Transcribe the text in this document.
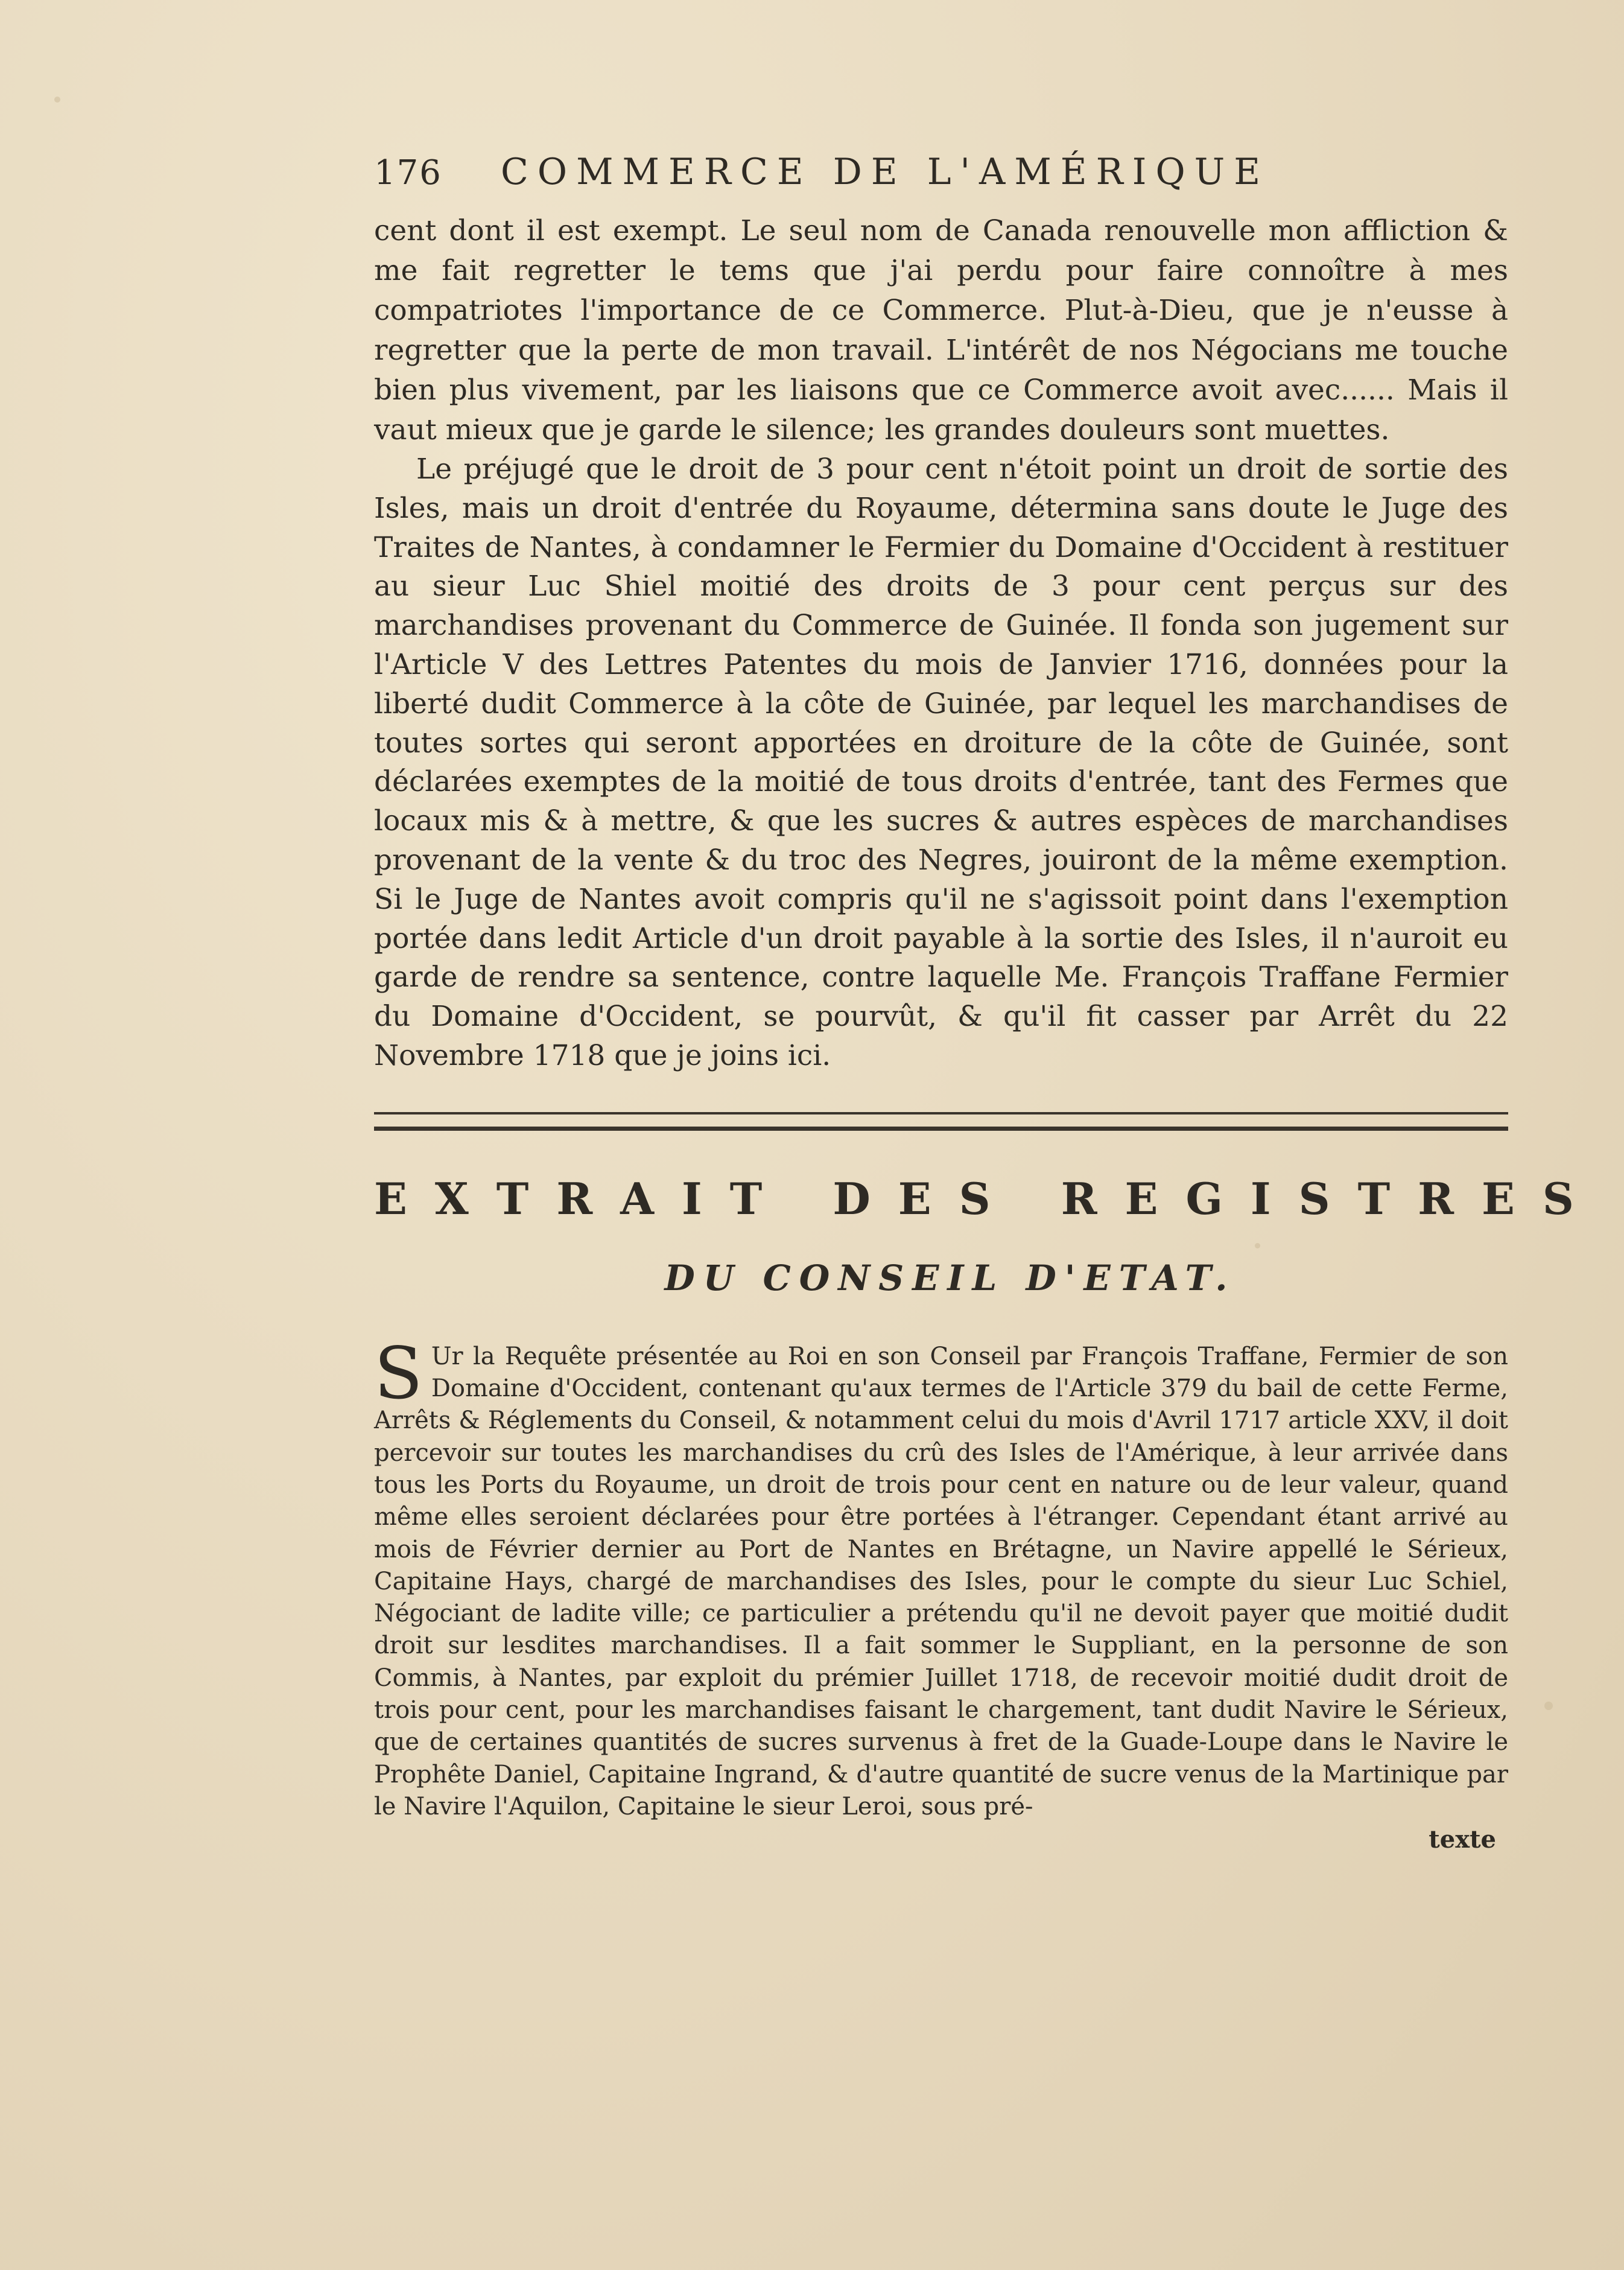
176	COMMERCE DE L'AMÉRIQUE

cent dont il est exempt. Le seul nom de Canada renouvelle mon affliction & me fait regretter le tems que j'ai perdu pour faire connoître à mes compatriotes l'importance de ce Commerce. Plut-à-Dieu, que je n'eusse à regretter que la perte de mon travail. L'intérêt de nos Négocians me touche bien plus vivement, par les liaisons que ce Commerce avoit avec...... Mais il vaut mieux que je garde le silence; les grandes douleurs sont muettes.

Le préjugé que le droit de 3 pour cent n'étoit point un droit de sortie des Isles, mais un droit d'entrée du Royaume, détermina sans doute le Juge des Traites de Nantes, à condamner le Fermier du Domaine d'Occident à restituer au sieur Luc Shiel moitié des droits de 3 pour cent perçus sur des marchandises provenant du Commerce de Guinée. Il fonda son jugement sur l'Article V des Lettres Patentes du mois de Janvier 1716, données pour la liberté dudit Commerce à la côte de Guinée, par lequel les marchandises de toutes sortes qui seront apportées en droiture de la côte de Guinée, sont déclarées exemptes de la moitié de tous droits d'entrée, tant des Fermes que locaux mis & à mettre, & que les sucres & autres espèces de marchandises provenant de la vente & du troc des Negres, jouiront de la même exemption. Si le Juge de Nantes avoit compris qu'il ne s'agissoit point dans l'exemption portée dans ledit Article d'un droit payable à la sortie des Isles, il n'auroit eu garde de rendre sa sentence, contre laquelle Me. François Traffane Fermier du Domaine d'Occident, se pourvût, & qu'il fit casser par Arrêt du 22 Novembre 1718 que je joins ici.

EXTRAIT DES REGISTRES
DU CONSEIL D'ETAT.
S Ur la Requête présentée au Roi en son Conseil par François Traffane, Fermier de son Domaine d'Occident, contenant qu'aux termes de l'Article 379 du bail de cette Ferme, Arrêts & Réglements du Conseil, & notamment celui du mois d'Avril 1717 article XXV, il doit percevoir sur toutes les marchandises du crû des Isles de l'Amérique, à leur arrivée dans tous les Ports du Royaume, un droit de trois pour cent en nature ou de leur valeur, quand même elles seroient déclarées pour être portées à l'étranger. Cependant étant arrivé au mois de Février dernier au Port de Nantes en Brétagne, un Navire appellé le Sérieux, Capitaine Hays, chargé de marchandises des Isles, pour le compte du sieur Luc Schiel, Négociant de ladite ville; ce particulier a prétendu qu'il ne devoit payer que moitié dudit droit sur lesdites marchandises. Il a fait sommer le Suppliant, en la personne de son Commis, à Nantes, par exploit du prémier Juillet 1718, de recevoir moitié dudit droit de trois pour cent, pour les marchandises faisant le chargement, tant dudit Navire le Sérieux, que de certaines quantités de sucres survenus à fret de la Guade-Loupe dans le Navire le Prophête Daniel, Capitaine Ingrand, & d'autre quantité de sucre venus de la Martinique par le Navire l'Aquilon, Capitaine le sieur Leroi, sous pré-
texte
